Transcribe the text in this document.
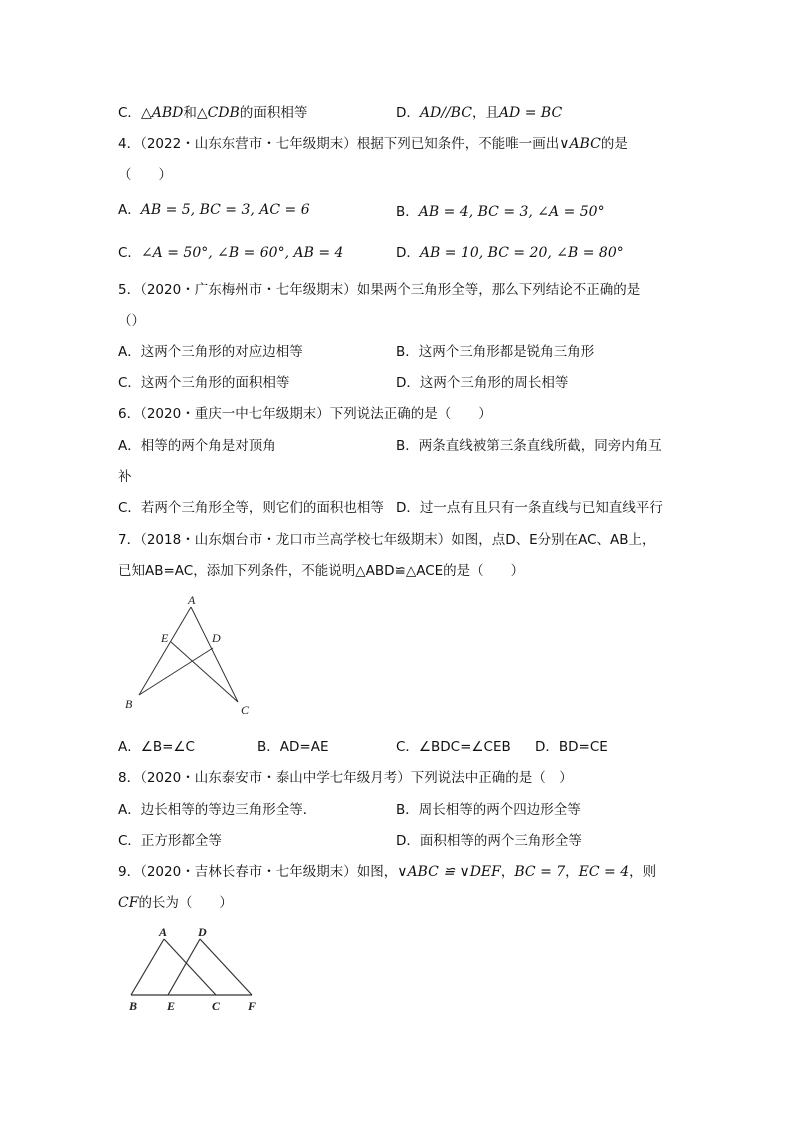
C．△ABD和△CDB的面积相等	D．AD//BC，且AD = BC
4．（2022・山东东营市・七年级期末）根据下列已知条件，不能唯一画出∨ABC的是
（　　）
A．AB = 5, BC = 3, AC = 6	B．AB = 4, BC = 3, ∠A = 50°
C．∠A = 50°, ∠B = 60°, AB = 4	D．AB = 10, BC = 20, ∠B = 80°
5．（2020・广东梅州市・七年级期末）如果两个三角形全等，那么下列结论不正确的是
（）
A．这两个三角形的对应边相等	B．这两个三角形都是锐角三角形
C．这两个三角形的面积相等	D．这两个三角形的周长相等
6．（2020・重庆一中七年级期末）下列说法正确的是（　　）
A．相等的两个角是对顶角	B．两条直线被第三条直线所截，同旁内角互
补
C．若两个三角形全等，则它们的面积也相等 D．过一点有且只有一条直线与已知直线平行
7．（2018・山东烟台市・龙口市兰高学校七年级期末）如图，点D、E分别在AC、AB上，
已知AB=AC，添加下列条件，不能说明△ABD≌△ACE的是（　　）
A
E	D
B	C
A．∠B=∠C	B．AD=AE	C．∠BDC=∠CEB D．BD=CE
8．（2020・山东泰安市・泰山中学七年级月考）下列说法中正确的是（　）
A．边长相等的等边三角形全等．	B．周长相等的两个四边形全等
C．正方形都全等	D．面积相等的两个三角形全等
9．（2020・吉林长春市・七年级期末）如图，∨ABC ≌ ∨DEF，BC = 7，EC = 4，则
CF的长为（　　）
A	D
B E	C F
